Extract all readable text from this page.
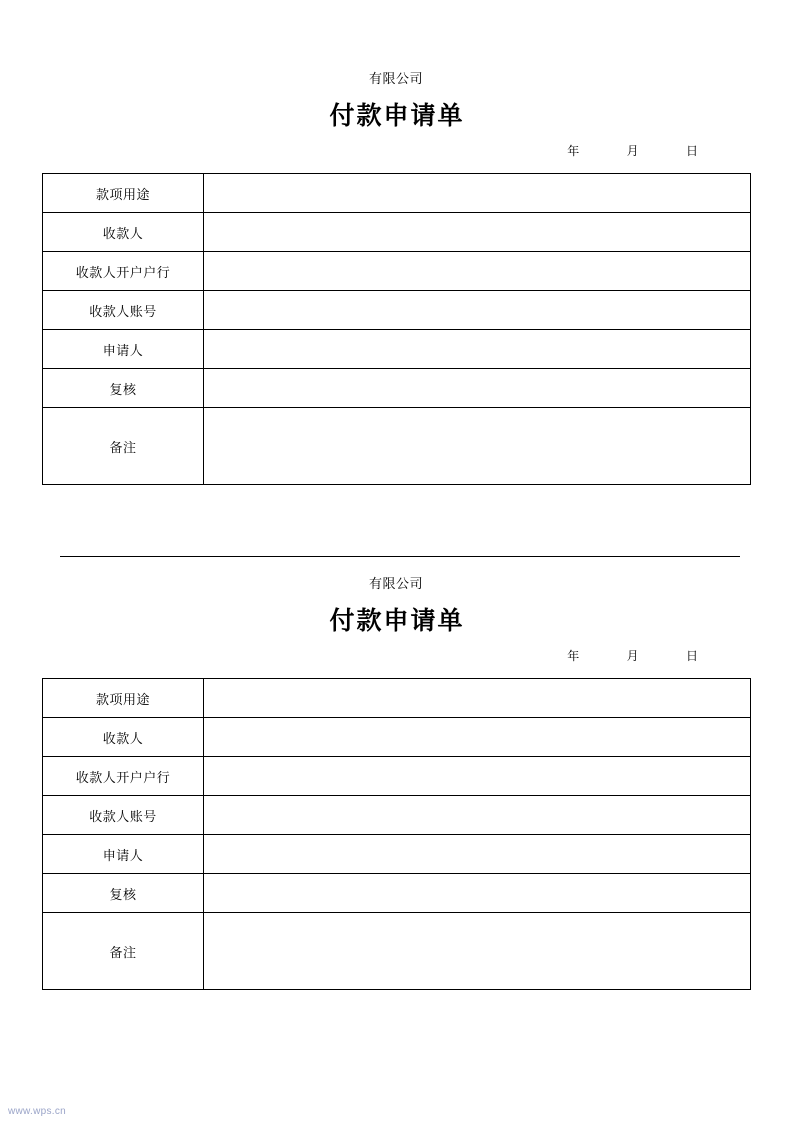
有限公司
付款申请单
年	月	日
款项用途	
收款人	
收款人开户户行	
收款人账号	
申请人	
复核	
备注	
有限公司
付款申请单
年	月	日
款项用途	
收款人	
收款人开户户行	
收款人账号	
申请人	
复核	
备注	
www.wps.cn
